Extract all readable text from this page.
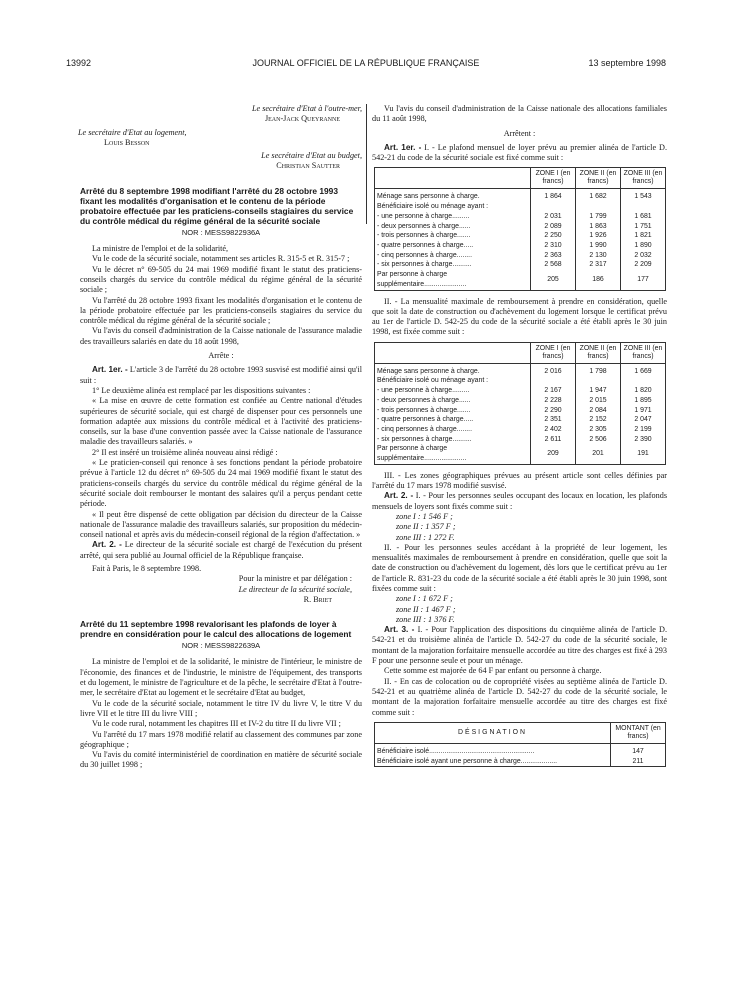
13992	JOURNAL OFFICIEL DE LA RÉPUBLIQUE FRANÇAISE	13 septembre 1998

Le secrétaire d'Etat à l'outre-mer,

Jean-Jack Queyranne

Le secrétaire d'Etat au logement,

Louis Besson

Le secrétaire d'Etat au budget,

Christian Sautter

Arrêté du 8 septembre 1998 modifiant l'arrêté du 28 octobre 1993 fixant les modalités d'organisation et le contenu de la période probatoire effectuée par les praticiens-conseils stagiaires du service du contrôle médical du régime général de la sécurité sociale

NOR : MESS9822936A

La ministre de l'emploi et de la solidarité,

Vu le code de la sécurité sociale, notamment ses articles R. 315-5 et R. 315-7 ;

Vu le décret n° 69-505 du 24 mai 1969 modifié fixant le statut des praticiens-conseils chargés du service du contrôle médical du régime général de la sécurité sociale ;

Vu l'arrêté du 28 octobre 1993 fixant les modalités d'organisation et le contenu de la période probatoire effectuée par les praticiens-conseils stagiaires du service du contrôle médical du régime général de la sécurité sociale ;

Vu l'avis du conseil d'administration de la Caisse nationale de l'assurance maladie des travailleurs salariés en date du 18 août 1998,

Arrête :

Art. 1er. - L'article 3 de l'arrêté du 28 octobre 1993 susvisé est modifié ainsi qu'il suit :

1° Le deuxième alinéa est remplacé par les dispositions suivantes :

« La mise en œuvre de cette formation est confiée au Centre national d'études supérieures de sécurité sociale, qui est chargé de dispenser pour ces personnels une formation adaptée aux missions du contrôle médical et à l'activité des praticiens-conseils, sur la base d'une convention passée avec la Caisse nationale de l'assurance maladie des travailleurs salariés. »

2° Il est inséré un troisième alinéa nouveau ainsi rédigé :

« Le praticien-conseil qui renonce à ses fonctions pendant la période probatoire prévue à l'article 12 du décret n° 69-505 du 24 mai 1969 modifié fixant le statut des praticiens-conseils chargés du service du contrôle médical du régime général de la sécurité sociale doit rembourser le montant des salaires qu'il a perçus pendant cette période.

« Il peut être dispensé de cette obligation par décision du directeur de la Caisse nationale de l'assurance maladie des travailleurs salariés, sur proposition du médecin-conseil national et après avis du médecin-conseil régional de la région d'affectation. »

Art. 2. - Le directeur de la sécurité sociale est chargé de l'exécution du présent arrêté, qui sera publié au Journal officiel de la République française.

Fait à Paris, le 8 septembre 1998.

Pour la ministre et par délégation :

Le directeur de la sécurité sociale,

R. Briet

Arrêté du 11 septembre 1998 revalorisant les plafonds de loyer à prendre en considération pour le calcul des allocations de logement

NOR : MESS9822639A

La ministre de l'emploi et de la solidarité, le ministre de l'intérieur, le ministre de l'économie, des finances et de l'industrie, le ministre de l'équipement, des transports et du logement, le ministre de l'agriculture et de la pêche, le secrétaire d'Etat à l'outre-mer, le secrétaire d'Etat au logement et le secrétaire d'Etat au budget,

Vu le code de la sécurité sociale, notamment le titre IV du livre V, le titre V du livre VII et le titre III du livre VIII ;

Vu le code rural, notamment les chapitres III et IV-2 du titre II du livre VII ;

Vu l'arrêté du 17 mars 1978 modifié relatif au classement des communes par zone géographique ;

Vu l'avis du comité interministériel de coordination en matière de sécurité sociale du 30 juillet 1998 ;

Vu l'avis du conseil d'administration de la Caisse nationale des allocations familiales du 11 août 1998,

Arrêtent :

Art. 1er. - I. - Le plafond mensuel de loyer prévu au premier alinéa de l'article D. 542-21 du code de la sécurité sociale est fixé comme suit :

	ZONE I (en francs)	ZONE II (en francs)	ZONE III (en francs)
Ménage sans personne à charge.	1 864	1 682	1 543
Bénéficiaire isolé ou ménage ayant :			
- une personne à charge.........	2 031	1 799	1 681
- deux personnes à charge......	2 089	1 863	1 751
- trois personnes à charge.......	2 250	1 926	1 821
- quatre personnes à charge.....	2 310	1 990	1 890
- cinq personnes à charge........	2 363	2 130	2 032
- six personnes à charge..........	2 568	2 317	2 209
Par personne à charge supplémentaire......................	205	186	177

II. - La mensualité maximale de remboursement à prendre en considération, quelle que soit la date de construction ou d'achèvement du logement lorsque le certificat prévu au 1er de l'article D. 542-25 du code de la sécurité sociale a été établi après le 30 juin 1998, est fixée comme suit :

	ZONE I (en francs)	ZONE II (en francs)	ZONE III (en francs)
Ménage sans personne à charge.	2 016	1 798	1 669
Bénéficiaire isolé ou ménage ayant :			
- une personne à charge.........	2 167	1 947	1 820
- deux personnes à charge......	2 228	2 015	1 895
- trois personnes à charge.......	2 290	2 084	1 971
- quatre personnes à charge.....	2 351	2 152	2 047
- cinq personnes à charge........	2 402	2 305	2 199
- six personnes à charge..........	2 611	2 506	2 390
Par personne à charge supplémentaire......................	209	201	191

III. - Les zones géographiques prévues au présent article sont celles définies par l'arrêté du 17 mars 1978 modifié susvisé.

Art. 2. - I. - Pour les personnes seules occupant des locaux en location, les plafonds mensuels de loyers sont fixés comme suit :

zone I : 1 546 F ;

zone II : 1 357 F ;

zone III : 1 272 F.

II. - Pour les personnes seules accédant à la propriété de leur logement, les mensualités maximales de remboursement à prendre en considération, quelle que soit la date de construction ou d'achèvement du logement, dès lors que le certificat prévu au 1er de l'article R. 831-23 du code de la sécurité sociale a été établi après le 30 juin 1998, sont fixées comme suit :

zone I : 1 672 F ;

zone II : 1 467 F ;

zone III : 1 376 F.

Art. 3. - I. - Pour l'application des dispositions du cinquième alinéa de l'article D. 542-21 et du troisième alinéa de l'article D. 542-27 du code de la sécurité sociale, le montant de la majoration forfaitaire mensuelle accordée au titre des charges est fixé à 293 F pour une personne seule et pour un ménage.

Cette somme est majorée de 64 F par enfant ou personne à charge.

II. - En cas de colocation ou de copropriété visées au septième alinéa de l'article D. 542-21 et au quatrième alinéa de l'article D. 542-27 du code de la sécurité sociale, le montant de la majoration forfaitaire mensuelle accordée au titre des charges est fixé comme suit :

DÉSIGNATION	MONTANT (en francs)
Bénéficiaire isolé.......................................................	147
Bénéficiaire isolé ayant une personne à charge...................	211
